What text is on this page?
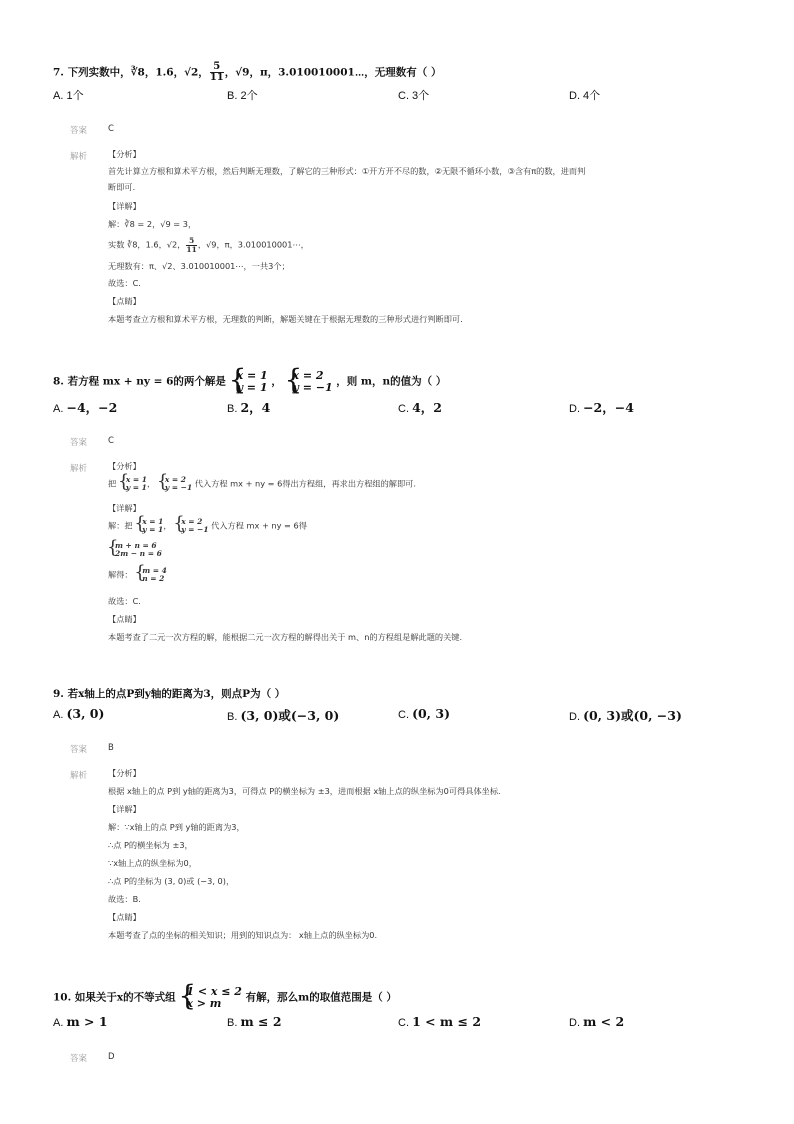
7. 下列实数中，∛8，1.6̇，√2， $\frac{5}{11}$ ，√9，π，3.010010001⋯，无理数有（ ）
A. 1个	B. 2个	C. 3个	D. 4个
答案 C
解析	【分析】
首先计算立方根和算术平方根，然后判断无理数，了解它的三种形式：①开方开不尽的数，②无限不循环小数，③含有π的数，进而判
断即可.
【详解】
解：∛8 = 2，√9 = 3，
实数 ∛8，1.6̇，√2， $\frac{5}{11}$ ，√9，π，3.010010001⋯，
无理数有：π、√2、3.010010001⋯，一共3个；
故选：C.
【点睛】
本题考查立方根和算术平方根，无理数的判断，解题关键在于根据无理数的三种形式进行判断即可.
8. 若方程 mx + ny = 6的两个解是 { x = 1
y = 1 ， { x = 2
y = −1 ，则 m，n的值为（ ）
A. −4，−2	B. 2，4	C. 4，2	D. −2，−4
答案 C
解析	【分析】
把 { x = 1
y = 1 ， { x = 2
y = −1 代入方程 mx + ny = 6得出方程组，再求出方程组的解即可.
【详解】
解：把 { x = 1
y = 1 ， { x = 2
y = −1 代入方程 mx + ny = 6得
{ m + n = 6
2m − n = 6
解得： { m = 4
n = 2
故选：C.
【点睛】
本题考查了二元一次方程的解，能根据二元一次方程的解得出关于 m、n的方程组是解此题的关键.
9. 若x轴上的点P到y轴的距离为3，则点P为（ ）
A. (3, 0)	B. (3, 0)或(−3, 0)	C. (0, 3)	D. (0, 3)或(0, −3)
答案 B
解析	【分析】
根据 x轴上的点 P到 y轴的距离为3，可得点 P的横坐标为 ±3，进而根据 x轴上点的纵坐标为0可得具体坐标.
【详解】
解：∵x轴上的点 P到 y轴的距离为3，
∴点 P的横坐标为 ±3，
∵x轴上点的纵坐标为0，
∴点 P的坐标为 (3, 0)或 (−3, 0)，
故选：B.
【点睛】
本题考查了点的坐标的相关知识；用到的知识点为： x轴上点的纵坐标为0.
10. 如果关于x的不等式组 { 1 < x ≤ 2
x > m	有解，那么m的取值范围是（ ）
A. m > 1	B. m ≤ 2	C. 1 < m ≤ 2	D. m < 2
答案 D
